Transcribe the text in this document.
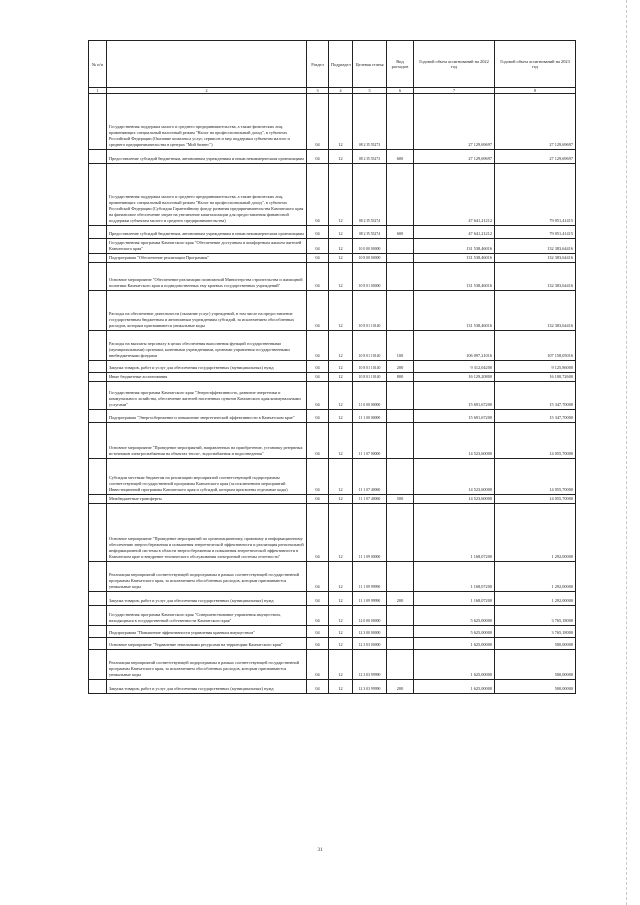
№ п/п		Раздел	Подраздел	Целевая статья	Вид расходов	Годовой объем ассигнований на 2022 год	Годовой объем ассигнований на 2023 год
1	2	3	4	5	6	7	8
	Государственная поддержка малого и среднего предпринимательства, а также физических лиц, применяющих специальный налоговый режим "Налог на профессиональный доход", в субъектах Российской Федерации (Оказание комплекса услуг, сервисов и мер поддержки субъектам малого и среднего предпринимательства в центрах "Мой бизнес")	04	12	08 2 I5 55273		27 129,69697	27 129,69697
	Предоставление субсидий бюджетным, автономным учреждениям и иным некоммерческим организациям	04	12	08 2 I5 55273	600	27 129,69697	27 129,69697
	Государственная поддержка малого и среднего предпринимательства, а также физических лиц, применяющих специальный налоговый режим "Налог на профессиональный доход", в субъектах Российской Федерации (Субсидия Гарантийному фонду развития предпринимательства Камчатского края на финансовое обеспечение затрат на увеличение капитализации для предоставления финансовой поддержки субъектам малого и среднего предпринимательства)	04	12	08 2 I5 55274		47 641,21212	79 051,41415
	Предоставление субсидий бюджетным, автономным учреждениям и иным некоммерческим организациям	04	12	08 2 I5 55274	600	47 641,21212	79 051,41415
	Государственная программа Камчатского края "Обеспечение доступным и комфортным жильем жителей Камчатского края"	04	12	10 0 00 00000		131 538,46016	132 383,64416
	Подпрограмма "Обеспечение реализации Программы"	04	12	10 8 00 00000		131 538,46016	132 383,64416
	Основное мероприятие "Обеспечение реализации полномочий Министерства строительства и жилищной политики Камчатского края и подведомственных ему краевых государственных учреждений"	04	12	10 8 01 00000		131 538,46016	132 383,64416
	Расходы на обеспечение деятельности (оказание услуг) учреждений, в том числе на предоставление государственным бюджетным и автономным учреждениям субсидий, за исключением обособленных расходов, которым присваиваются уникальные коды	04	12	10 8 01 10140		131 538,46016	132 383,64416
	Расходы на выплаты персоналу в целях обеспечения выполнения функций государственными (муниципальными) органами, казенными учреждениями, органами управления государственными внебюджетными фондами	04	12	10 8 01 10140	100	106 097,21016	107 158,05016
	Закупка товаров, работ и услуг для обеспечения государственных (муниципальных) нужд	04	12	10 8 01 10140	200	9 312,04200	9 125,86000
	Иные бюджетные ассигнования	04	12	10 8 01 10140	800	16 129,20800	16 100,72600
	Государственная программа Камчатского края "Энергоэффективность, развитие энергетики и коммунального хозяйства, обеспечение жителей населенных пунктов Камчатского края коммунальными услугами"	04	12	11 0 00 00000		15 691,67200	15 347,70000
	Подпрограмма "Энергосбережение и повышение энергетической эффективности в Камчатском крае"	04	12	11 1 00 00000		15 691,67200	15 347,70000
	Основное мероприятие "Проведение мероприятий, направленных на приобретение, установку резервных источников электроснабжения на объектах тепло-, водоснабжения и водоотведения"	04	12	11 1 07 00000		14 523,60000	14 055,70000
	Субсидии местным бюджетам на реализацию мероприятий соответствующей подпрограммы соответствующей государственной программы Камчатского края (за исключением мероприятий Инвестиционной программы Камчатского края и субсидий, которым присвоены отдельные коды)	04	12	11 1 07 40060		14 523,60000	14 055,70000
	Межбюджетные трансферты	04	12	11 1 07 40060	500	14 523,60000	14 055,70000
	Основное мероприятие "Проведение мероприятий по организационному, правовому и информационному обеспечению энергосбережения и повышения энергетической эффективности и реализация региональной информационной системы в области энергосбережения и повышения энергетической эффективности в Камчатском крае и внедрение технического обслуживания электронной системы отчетности"	04	12	11 1 09 00000		1 168,07200	1 292,00000
	Реализация мероприятий соответствующей подпрограммы в рамках соответствующей государственной программы Камчатского края, за исключением обособленных расходов, которым присваиваются уникальные коды	04	12	11 1 09 99990		1 168,07200	1 292,00000
	Закупка товаров, работ и услуг для обеспечения государственных (муниципальных) нужд	04	12	11 1 09 99990	200	1 168,07200	1 292,00000
	Государственная программа Камчатского края "Совершенствование управления имуществом, находящимся в государственной собственности Камчатского края"	04	12	12 0 00 00000		5 625,00000	3 765,18000
	Подпрограмма "Повышение эффективности управления краевым имуществом"	04	12	12 3 00 00000		5 625,00000	3 765,18000
	Основное мероприятие "Управление земельными ресурсами на территории Камчатского края"	04	12	12 3 03 00000		1 625,00000	500,00000
	Реализация мероприятий соответствующей подпрограммы в рамках соответствующей государственной программы Камчатского края, за исключением обособленных расходов, которым присваиваются уникальные коды	04	12	12 3 03 99990		1 625,00000	500,00000
	Закупка товаров, работ и услуг для обеспечения государственных (муниципальных) нужд	04	12	12 3 03 99990	200	1 625,00000	500,00000
31
